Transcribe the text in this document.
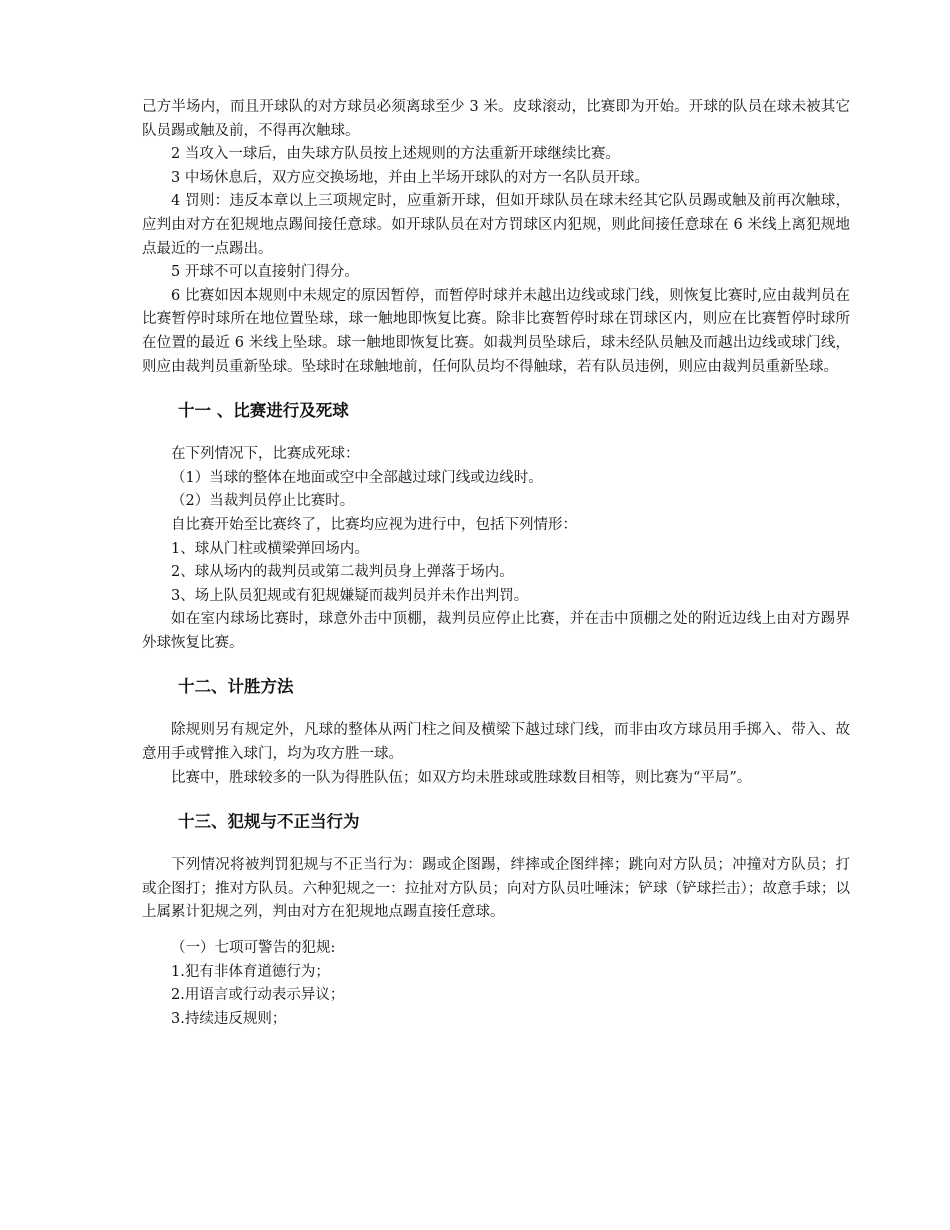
己方半场内，而且开球队的对方球员必须离球至少 3 米。皮球滚动，比赛即为开始。开球的队员在球未被其它队员踢或触及前，不得再次触球。

2 当攻入一球后，由失球方队员按上述规则的方法重新开球继续比赛。

3 中场休息后，双方应交换场地，并由上半场开球队的对方一名队员开球。

4 罚则：违反本章以上三项规定时，应重新开球，但如开球队员在球未经其它队员踢或触及前再次触球，应判由对方在犯规地点踢间接任意球。如开球队员在对方罚球区内犯规，则此间接任意球在 6 米线上离犯规地点最近的一点踢出。

5 开球不可以直接射门得分。

6 比赛如因本规则中未规定的原因暂停，而暂停时球并未越出边线或球门线，则恢复比赛时,应由裁判员在比赛暂停时球所在地位置坠球，球一触地即恢复比赛。除非比赛暂停时球在罚球区内，则应在比赛暂停时球所在位置的最近 6 米线上坠球。球一触地即恢复比赛。如裁判员坠球后，球未经队员触及而越出边线或球门线，则应由裁判员重新坠球。坠球时在球触地前，任何队员均不得触球，若有队员违例，则应由裁判员重新坠球。

十一 、比赛进行及死球

在下列情况下，比赛成死球：

（1）当球的整体在地面或空中全部越过球门线或边线时。

（2）当裁判员停止比赛时。

自比赛开始至比赛终了，比赛均应视为进行中，包括下列情形：

1、球从门柱或横梁弹回场内。

2、球从场内的裁判员或第二裁判员身上弹落于场内。

3、场上队员犯规或有犯规嫌疑而裁判员并未作出判罚。

如在室内球场比赛时，球意外击中顶棚，裁判员应停止比赛，并在击中顶棚之处的附近边线上由对方踢界外球恢复比赛。

十二、计胜方法

除规则另有规定外，凡球的整体从两门柱之间及横梁下越过球门线，而非由攻方球员用手掷入、带入、故意用手或臂推入球门，均为攻方胜一球。

比赛中，胜球较多的一队为得胜队伍；如双方均未胜球或胜球数目相等，则比赛为“平局”。

十三、犯规与不正当行为

下列情况将被判罚犯规与不正当行为：踢或企图踢，绊摔或企图绊摔；跳向对方队员；冲撞对方队员；打或企图打；推对方队员。六种犯规之一：拉扯对方队员；向对方队员吐唾沫；铲球（铲球拦击）；故意手球；以上属累计犯规之列，判由对方在犯规地点踢直接任意球。

（一）七项可警告的犯规:

1.犯有非体育道德行为；

2.用语言或行动表示异议；

3.持续违反规则；
